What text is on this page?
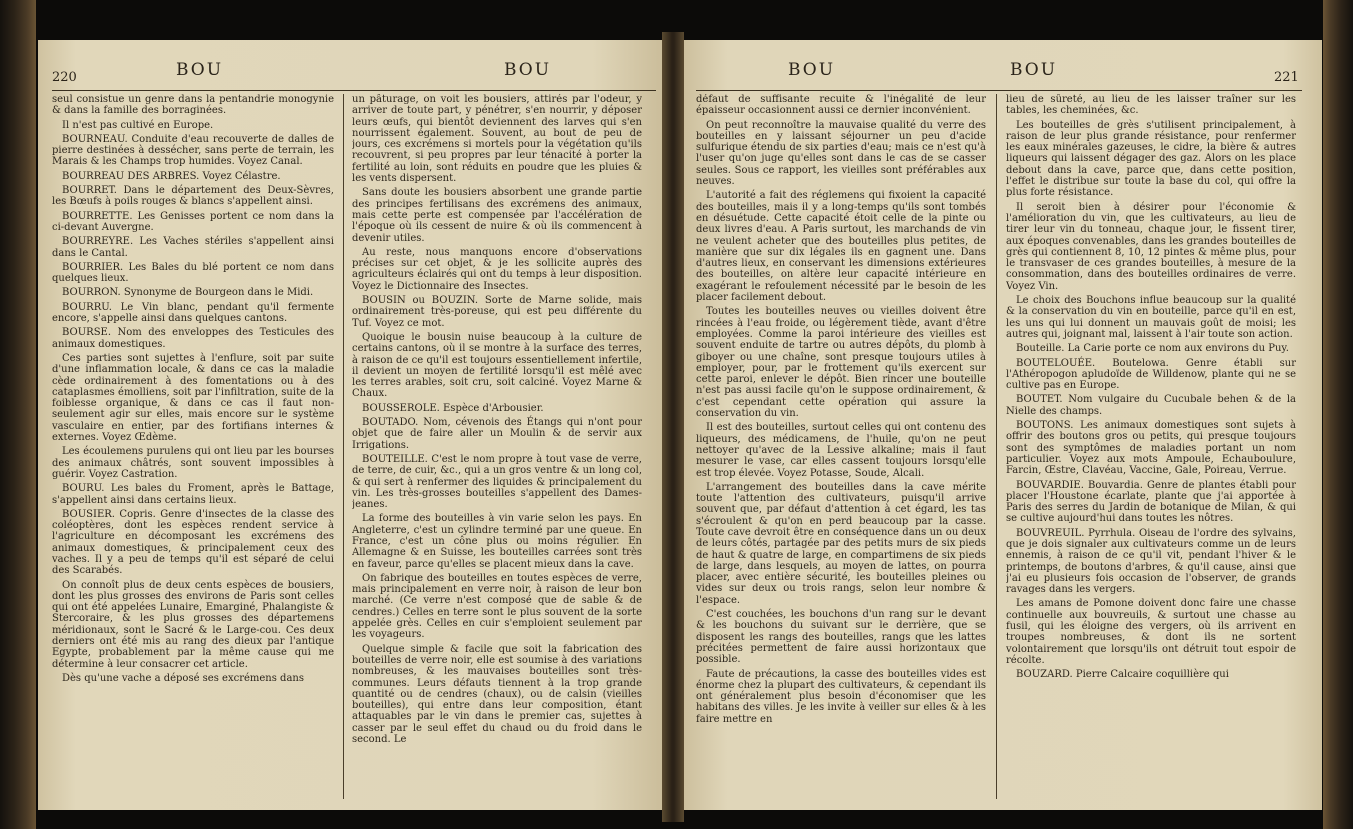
220	BOU	BOU

seul consistue un genre dans la pentandrie monogynie & dans la famille des borraginées.

Il n'est pas cultivé en Europe.

BOURNEAU. Conduite d'eau recouverte de dalles de pierre destinées à dessécher, sans perte de terrain, les Marais & les Champs trop humides. Voyez Canal.

BOURREAU DES ARBRES. Voyez Célastre.

BOURRET. Dans le département des Deux-Sèvres, les Bœufs à poils rouges & blancs s'appellent ainsi.

BOURRETTE. Les Genisses portent ce nom dans la ci-devant Auvergne.

BOURREYRE. Les Vaches stériles s'appellent ainsi dans le Cantal.

BOURRIER. Les Bales du blé portent ce nom dans quelques lieux.

BOURRON. Synonyme de Bourgeon dans le Midi.

BOURRU. Le Vin blanc, pendant qu'il fermente encore, s'appelle ainsi dans quelques cantons.

BOURSE. Nom des enveloppes des Testicules des animaux domestiques.

Ces parties sont sujettes à l'enflure, soit par suite d'une inflammation locale, & dans ce cas la maladie cède ordinairement à des fomentations ou à des cataplasmes émolliens, soit par l'infiltration, suite de la foiblesse organique, & dans ce cas il faut non-seulement agir sur elles, mais encore sur le système vasculaire en entier, par des fortifians internes & externes. Voyez Œdème.

Les écoulemens purulens qui ont lieu par les bourses des animaux châtrés, sont souvent impossibles à guérir. Voyez Castration.

BOURU. Les bales du Froment, après le Battage, s'appellent ainsi dans certains lieux.

BOUSIER. Copris. Genre d'insectes de la classe des coléoptères, dont les espèces rendent service à l'agriculture en décomposant les excrémens des animaux domestiques, & principalement ceux des vaches. Il y a peu de temps qu'il est séparé de celui des Scarabés.

On connoît plus de deux cents espèces de bousiers, dont les plus grosses des environs de Paris sont celles qui ont été appelées Lunaire, Emarginé, Phalangiste & Stercoraire, & les plus grosses des départemens méridionaux, sont le Sacré & le Large-cou. Ces deux derniers ont été mis au rang des dieux par l'antique Egypte, probablement par la même cause qui me détermine à leur consacrer cet article.

Dès qu'une vache a déposé ses excrémens dans

un pâturage, on voit les bousiers, attirés par l'odeur, y arriver de toute part, y pénétrer, s'en nourrir, y déposer leurs œufs, qui bientôt deviennent des larves qui s'en nourrissent également. Souvent, au bout de peu de jours, ces excrémens si mortels pour la végétation qu'ils recouvrent, si peu propres par leur ténacité à porter la fertilité au loin, sont réduits en poudre que les pluies & les vents dispersent.

Sans doute les bousiers absorbent une grande partie des principes fertilisans des excrémens des animaux, mais cette perte est compensée par l'accélération de l'époque où ils cessent de nuire & où ils commencent à devenir utiles.

Au reste, nous manquons encore d'observations précises sur cet objet, & je les sollicite auprès des agriculteurs éclairés qui ont du temps à leur disposition. Voyez le Dictionnaire des Insectes.

BOUSIN ou BOUZIN. Sorte de Marne solide, mais ordinairement très-poreuse, qui est peu différente du Tuf. Voyez ce mot.

Quoique le bousin nuise beaucoup à la culture de certains cantons, où il se montre à la surface des terres, à raison de ce qu'il est toujours essentiellement infertile, il devient un moyen de fertilité lorsqu'il est mêlé avec les terres arables, soit cru, soit calciné. Voyez Marne & Chaux.

BOUSSEROLE. Espèce d'Arbousier.

BOUTADO. Nom, cévenois des Étangs qui n'ont pour objet que de faire aller un Moulin & de servir aux Irrigations.

BOUTEILLE. C'est le nom propre à tout vase de verre, de terre, de cuir, &c., qui a un gros ventre & un long col, & qui sert à renfermer des liquides & principalement du vin. Les très-grosses bouteilles s'appellent des Dames-jeanes.

La forme des bouteilles à vin varie selon les pays. En Angleterre, c'est un cylindre terminé par une queue. En France, c'est un cône plus ou moins régulier. En Allemagne & en Suisse, les bouteilles carrées sont très en faveur, parce qu'elles se placent mieux dans la cave.

On fabrique des bouteilles en toutes espèces de verre, mais principalement en verre noir, à raison de leur bon marché. (Ce verre n'est composé que de sable & de cendres.) Celles en terre sont le plus souvent de la sorte appelée grès. Celles en cuir s'emploient seulement par les voyageurs.

Quelque simple & facile que soit la fabrication des bouteilles de verre noir, elle est soumise à des variations nombreuses, & les mauvaises bouteilles sont très-communes. Leurs défauts tiennent à la trop grande quantité ou de cendres (chaux), ou de calsin (vieilles bouteilles), qui entre dans leur composition, étant attaquables par le vin dans le premier cas, sujettes à casser par le seul effet du chaud ou du froid dans le second. Le

BOU	BOU	221

défaut de suffisante recuite & l'inégalité de leur épaisseur occasionnent aussi ce dernier inconvénient.

On peut reconnoître la mauvaise qualité du verre des bouteilles en y laissant séjourner un peu d'acide sulfurique étendu de six parties d'eau; mais ce n'est qu'à l'user qu'on juge qu'elles sont dans le cas de se casser seules. Sous ce rapport, les vieilles sont préférables aux neuves.

L'autorité a fait des réglemens qui fixoient la capacité des bouteilles, mais il y a long-temps qu'ils sont tombés en désuétude. Cette capacité étoit celle de la pinte ou deux livres d'eau. A Paris surtout, les marchands de vin ne veulent acheter que des bouteilles plus petites, de manière que sur dix légales ils en gagnent une. Dans d'autres lieux, en conservant les dimensions extérieures des bouteilles, on altère leur capacité intérieure en exagérant le refoulement nécessité par le besoin de les placer facilement debout.

Toutes les bouteilles neuves ou vieilles doivent être rincées à l'eau froide, ou légèrement tiède, avant d'être employées. Comme la paroi intérieure des vieilles est souvent enduite de tartre ou autres dépôts, du plomb à giboyer ou une chaîne, sont presque toujours utiles à employer, pour, par le frottement qu'ils exercent sur cette paroi, enlever le dépôt. Bien rincer une bouteille n'est pas aussi facile qu'on le suppose ordinairement, & c'est cependant cette opération qui assure la conservation du vin.

Il est des bouteilles, surtout celles qui ont contenu des liqueurs, des médicamens, de l'huile, qu'on ne peut nettoyer qu'avec de la Lessive alkaline; mais il faut mesurer le vase, car elles cassent toujours lorsqu'elle est trop élevée. Voyez Potasse, Soude, Alcali.

L'arrangement des bouteilles dans la cave mérite toute l'attention des cultivateurs, puisqu'il arrive souvent que, par défaut d'attention à cet égard, les tas s'écroulent & qu'on en perd beaucoup par la casse. Toute cave devroit être en conséquence dans un ou deux de leurs côtés, partagée par des petits murs de six pieds de haut & quatre de large, en compartimens de six pieds de large, dans lesquels, au moyen de lattes, on pourra placer, avec entière sécurité, les bouteilles pleines ou vides sur deux ou trois rangs, selon leur nombre & l'espace.

C'est couchées, les bouchons d'un rang sur le devant & les bouchons du suivant sur le derrière, que se disposent les rangs des bouteilles, rangs que les lattes précitées permettent de faire aussi horizontaux que possible.

Faute de précautions, la casse des bouteilles vides est énorme chez la plupart des cultivateurs, & cependant ils ont généralement plus besoin d'économiser que les habitans des villes. Je les invite à veiller sur elles & à les faire mettre en

lieu de sûreté, au lieu de les laisser traîner sur les tables, les cheminées, &c.

Les bouteilles de grès s'utilisent principalement, à raison de leur plus grande résistance, pour renfermer les eaux minérales gazeuses, le cidre, la bière & autres liqueurs qui laissent dégager des gaz. Alors on les place debout dans la cave, parce que, dans cette position, l'effet le distribue sur toute la base du col, qui offre la plus forte résistance.

Il seroit bien à désirer pour l'économie & l'amélioration du vin, que les cultivateurs, au lieu de tirer leur vin du tonneau, chaque jour, le fissent tirer, aux époques convenables, dans les grandes bouteilles de grès qui contiennent 8, 10, 12 pintes & même plus, pour le transvaser de ces grandes bouteilles, à mesure de la consommation, dans des bouteilles ordinaires de verre. Voyez Vin.

Le choix des Bouchons influe beaucoup sur la qualité & la conservation du vin en bouteille, parce qu'il en est, les uns qui lui donnent un mauvais goût de moisi; les autres qui, joignant mal, laissent à l'air toute son action.

Bouteille. La Carie porte ce nom aux environs du Puy.

BOUTELOUÉE. Boutelowa. Genre établi sur l'Athéropogon apludoïde de Willdenow, plante qui ne se cultive pas en Europe.

BOUTET. Nom vulgaire du Cucubale behen & de la Nielle des champs.

BOUTONS. Les animaux domestiques sont sujets à offrir des boutons gros ou petits, qui presque toujours sont des symptômes de maladies portant un nom particulier. Voyez aux mots Ampoule, Echauboulure, Farcin, Œstre, Clavéau, Vaccine, Gale, Poireau, Verrue.

BOUVARDIE. Bouvardia. Genre de plantes établi pour placer l'Houstone écarlate, plante que j'ai apportée à Paris des serres du Jardin de botanique de Milan, & qui se cultive aujourd'hui dans toutes les nôtres.

BOUVREUIL. Pyrrhula. Oiseau de l'ordre des sylvains, que je dois signaler aux cultivateurs comme un de leurs ennemis, à raison de ce qu'il vit, pendant l'hiver & le printemps, de boutons d'arbres, & qu'il cause, ainsi que j'ai eu plusieurs fois occasion de l'observer, de grands ravages dans les vergers.

Les amans de Pomone doivent donc faire une chasse continuelle aux bouvreuils, & surtout une chasse au fusil, qui les éloigne des vergers, où ils arrivent en troupes nombreuses, & dont ils ne sortent volontairement que lorsqu'ils ont détruit tout espoir de récolte.

BOUZARD. Pierre Calcaire coquillière qui
